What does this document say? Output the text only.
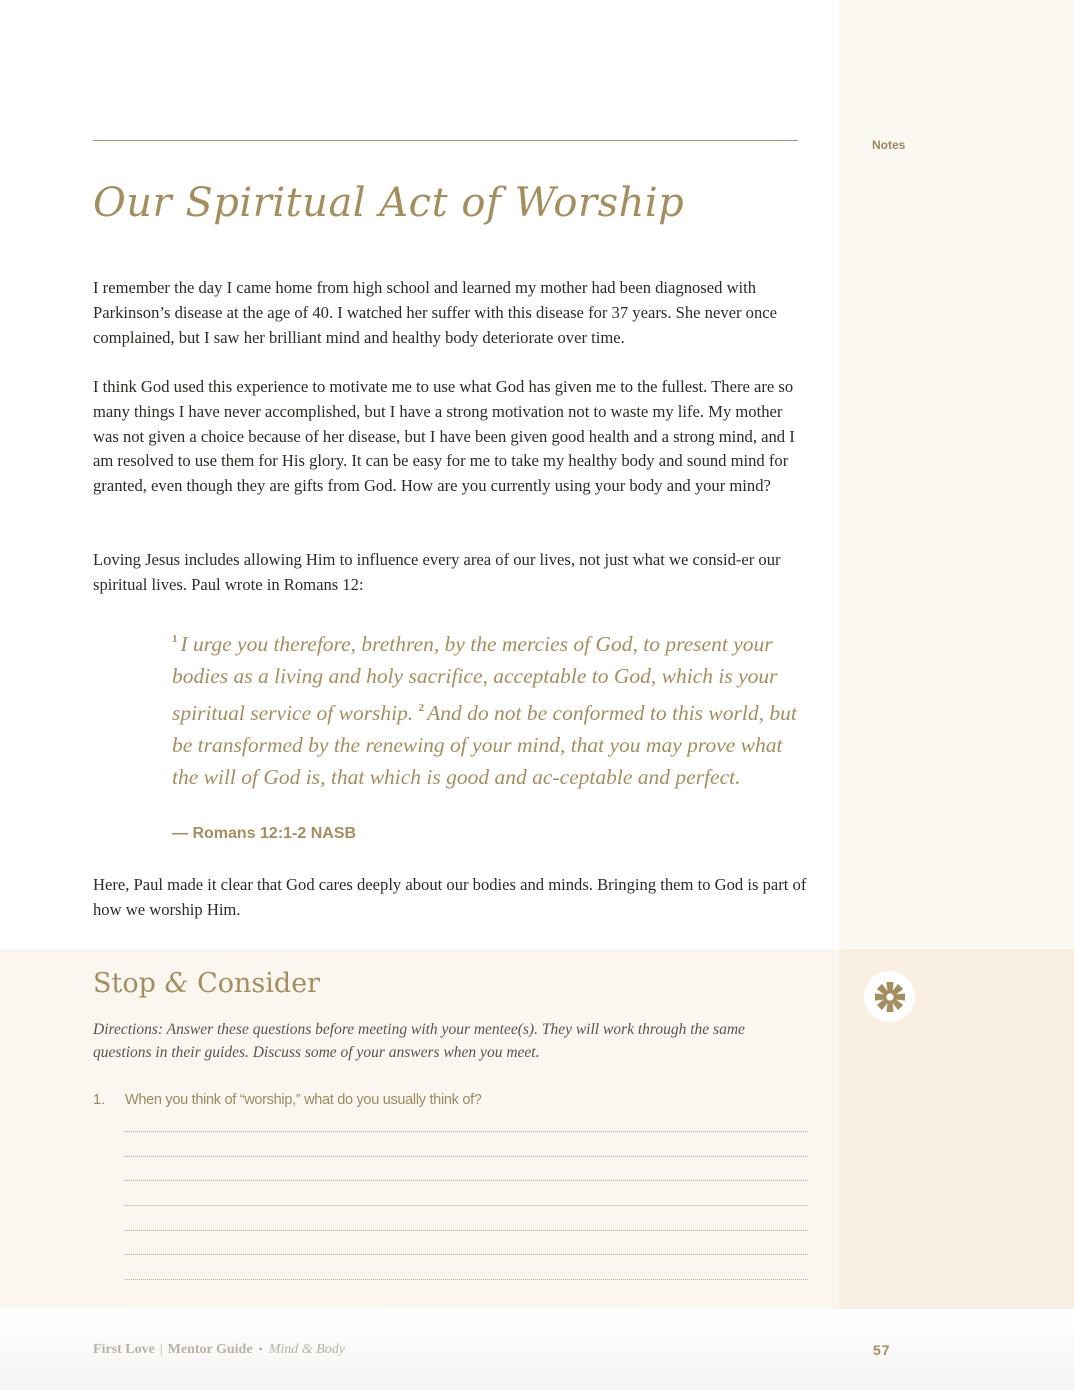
Notes
Our Spiritual Act of Worship

I remember the day I came home from high school and learned my mother had been diagnosed with Parkinson’s disease at the age of 40. I watched her suffer with this disease for 37 years. She never once complained, but I saw her brilliant mind and healthy body deteriorate over time.

I think God used this experience to motivate me to use what God has given me to the fullest. There are so many things I have never accomplished, but I have a strong motivation not to waste my life. My mother was not given a choice because of her disease, but I have been given good health and a strong mind, and I am resolved to use them for His glory. It can be easy for me to take my healthy body and sound mind for granted, even though they are gifts from God. How are you currently using your body and your mind?

Loving Jesus includes allowing Him to influence every area of our lives, not just what we consid-er our spiritual lives. Paul wrote in Romans 12:

$^1$ I urge you therefore, brethren, by the mercies of God, to present your bodies as a living and holy sacrifice, acceptable to God, which is your spiritual service of worship. $^2$ And do not be conformed to this world, but be transformed by the renewing of your mind, that you may prove what the will of God is, that which is good and ac-ceptable and perfect.

— Romans 12:1-2 NASB

Here, Paul made it clear that God cares deeply about our bodies and minds. Bringing them to God is part of how we worship Him.

Stop & Consider

Directions: Answer these questions before meeting with your mentee(s). They will work through the same questions in their guides. Discuss some of your answers when you meet.

1. When you think of “worship,” what do you usually think of?
First Love | Mentor Guide • Mind & Body	57
